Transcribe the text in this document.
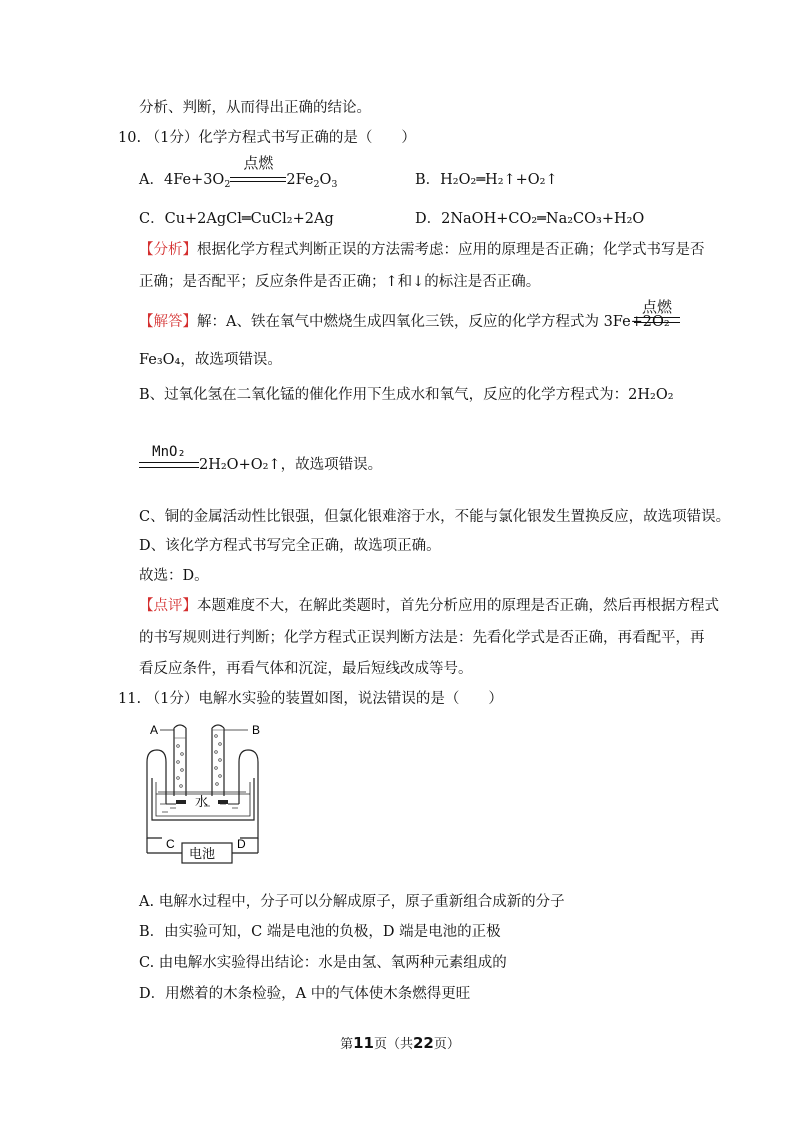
分析、判断，从而得出正确的结论。
10. （1分）化学方程式书写正确的是（　　）
A．$4Fe+3O_2$
点燃
$2Fe_2O_3$	B．H₂O₂═H₂↑+O₂↑
C．Cu+2AgCl═CuCl₂+2Ag	D．2NaOH+CO₂═Na₂CO₃+H₂O
【分析】根据化学方程式判断正误的方法需考虑：应用的原理是否正确；化学式书写是否
正确；是否配平；反应条件是否正确；↑和↓的标注是否正确。
【解答】解：A、铁在氧气中燃烧生成四氧化三铁，反应的化学方程式为 3Fe+2O₂
点燃
Fe₃O₄，故选项错误。
B、过氧化氢在二氧化锰的催化作用下生成水和氧气，反应的化学方程式为：2H₂O₂
MnO₂
2H₂O+O₂↑，故选项错误。
C、铜的金属活动性比银强，但氯化银难溶于水，不能与氯化银发生置换反应，故选项错误。
D、该化学方程式书写完全正确，故选项正确。
故选：D。
【点评】本题难度不大，在解此类题时，首先分析应用的原理是否正确，然后再根据方程式
的书写规则进行判断；化学方程式正误判断方法是：先看化学式是否正确，再看配平，再
看反应条件，再看气体和沉淀，最后短线改成等号。
11. （1分）电解水实验的装置如图，说法错误的是（　　）
A	B
水
电池
C	D
A. 电解水过程中，分子可以分解成原子，原子重新组合成新的分子
B．由实验可知，C 端是电池的负极，D 端是电池的正极
C. 由电解水实验得出结论：水是由氢、氧两种元素组成的
D．用燃着的木条检验，A 中的气体使木条燃得更旺
第11页（共22页）
